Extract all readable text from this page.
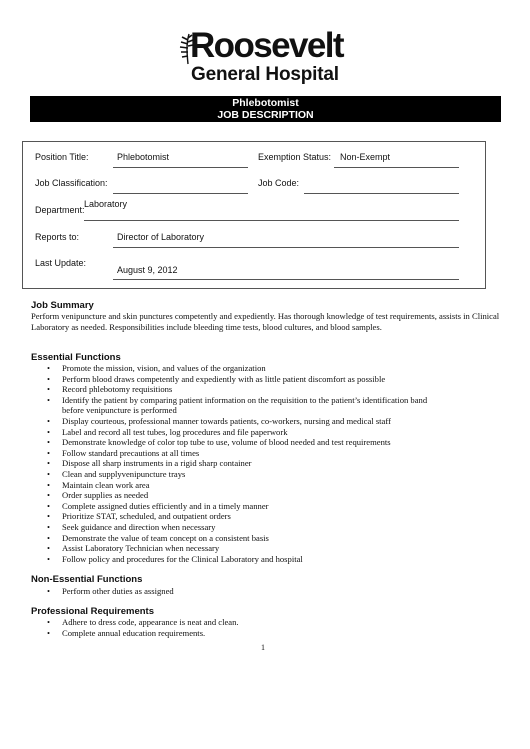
Roosevelt
General Hospital
Phlebotomist
JOB DESCRIPTION
Position Title:	Phlebotomist	Exemption Status: Non-Exempt
Job Classification:	Job Code:
Department:
Laboratory
Reports to:	Director of Laboratory
Last Update:
August 9, 2012
Job Summary
Perform venipuncture and skin punctures competently and expediently. Has thorough knowledge of test requirements, assists in Clinical Laboratory as needed. Responsibilities include bleeding time tests, blood cultures, and blood samples.
Essential Functions
• Promote the mission, vision, and values of the organization
• Perform blood draws competently and expediently with as little patient discomfort as possible
• Record phlebotomy requisitions
• Identify the patient by comparing patient information on the requisition to the patient’s identification band before venipuncture is performed
• Display courteous, professional manner towards patients, co-workers, nursing and medical staff
• Label and record all test tubes, log procedures and file paperwork
• Demonstrate knowledge of color top tube to use, volume of blood needed and test requirements
• Follow standard precautions at all times
• Dispose all sharp instruments in a rigid sharp container
• Clean and supplyvenipuncture trays
• Maintain clean work area
• Order supplies as needed
• Complete assigned duties efficiently and in a timely manner
• Prioritize STAT, scheduled, and outpatient orders
• Seek guidance and direction when necessary
• Demonstrate the value of team concept on a consistent basis
• Assist Laboratory Technician when necessary
• Follow policy and procedures for the Clinical Laboratory and hospital
Non-Essential Functions
• Perform other duties as assigned
Professional Requirements
• Adhere to dress code, appearance is neat and clean.
• Complete annual education requirements.
1
